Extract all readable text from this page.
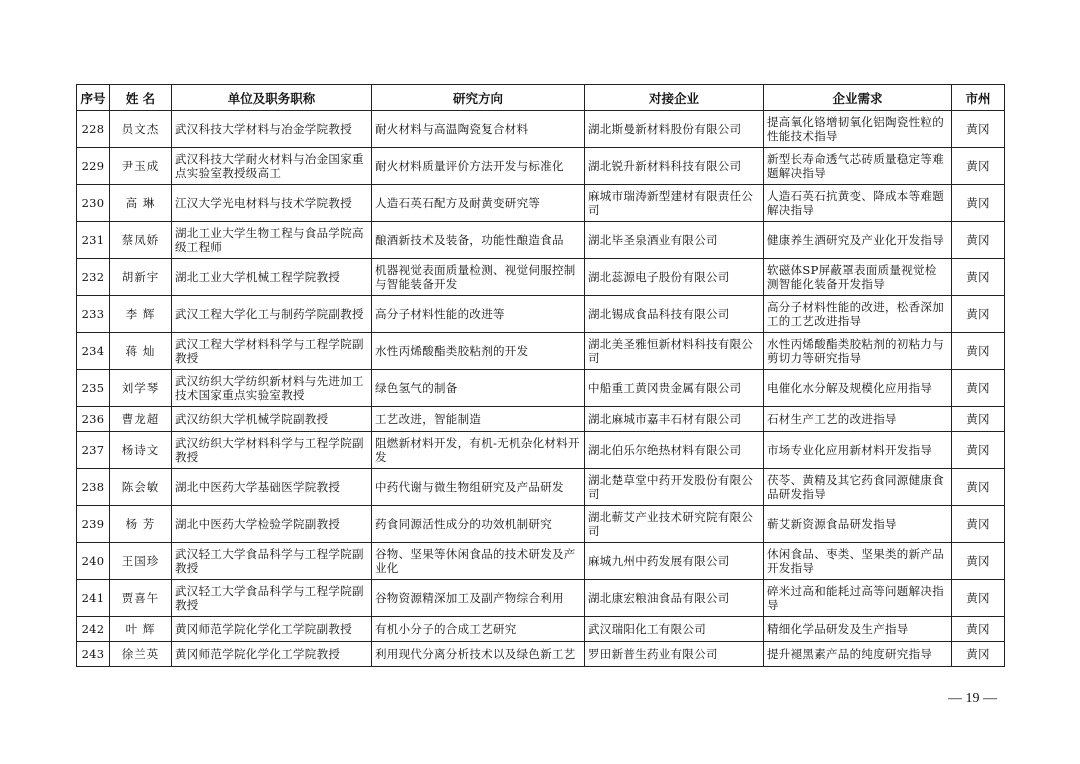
序号	姓 名	单位及职务职称	研究方向	对接企业	企业需求	市州
228	员文杰	武汉科技大学材料与冶金学院教授	耐火材料与高温陶瓷复合材料	湖北斯曼新材料股份有限公司	提高氧化铬增韧氧化铝陶瓷性粒的性能技术指导	黄冈
229	尹玉成	武汉科技大学耐火材料与冶金国家重点实验室教授级高工	耐火材料质量评价方法开发与标准化	湖北锐升新材料科技有限公司	新型长寿命透气芯砖质量稳定等难题解决指导	黄冈
230	高 琳	江汉大学光电材料与技术学院教授	人造石英石配方及耐黄变研究等	麻城市瑞涛新型建材有限责任公司	人造石英石抗黄变、降成本等难题解决指导	黄冈
231	蔡凤娇	湖北工业大学生物工程与食品学院高级工程师	酿酒新技术及装备，功能性酿造食品	湖北毕圣泉酒业有限公司	健康养生酒研究及产业化开发指导	黄冈
232	胡新宇	湖北工业大学机械工程学院教授	机器视觉表面质量检测、视觉伺服控制与智能装备开发	湖北蕊源电子股份有限公司	软磁体SP屏蔽罩表面质量视觉检测智能化装备开发指导	黄冈
233	李 辉	武汉工程大学化工与制药学院副教授	高分子材料性能的改进等	湖北锡成食品科技有限公司	高分子材料性能的改进，松香深加工的工艺改进指导	黄冈
234	蒋 灿	武汉工程大学材料科学与工程学院副教授	水性丙烯酸酯类胶粘剂的开发	湖北美圣雅恒新材料科技有限公司	水性丙烯酸酯类胶粘剂的初粘力与剪切力等研究指导	黄冈
235	刘学琴	武汉纺织大学纺织新材料与先进加工技术国家重点实验室教授	绿色氢气的制备	中船重工黄冈贵金属有限公司	电催化水分解及规模化应用指导	黄冈
236	曹龙超	武汉纺织大学机械学院副教授	工艺改进，智能制造	湖北麻城市嘉丰石材有限公司	石材生产工艺的改进指导	黄冈
237	杨诗文	武汉纺织大学材料科学与工程学院副教授	阻燃新材料开发，有机-无机杂化材料开发	湖北伯乐尔绝热材料有限公司	市场专业化应用新材料开发指导	黄冈
238	陈会敏	湖北中医药大学基础医学院教授	中药代谢与微生物组研究及产品研发	湖北楚草堂中药开发股份有限公司	茯苓、黄精及其它药食同源健康食品研发指导	黄冈
239	杨 芳	湖北中医药大学检验学院副教授	药食同源活性成分的功效机制研究	湖北蕲艾产业技术研究院有限公司	蕲艾新资源食品研发指导	黄冈
240	王国珍	武汉轻工大学食品科学与工程学院副教授	谷物、坚果等休闲食品的技术研发及产业化	麻城九州中药发展有限公司	休闲食品、枣类、坚果类的新产品开发指导	黄冈
241	贾喜午	武汉轻工大学食品科学与工程学院副教授	谷物资源精深加工及副产物综合利用	湖北康宏粮油食品有限公司	碎米过高和能耗过高等问题解决指导	黄冈
242	叶 辉	黄冈师范学院化学化工学院副教授	有机小分子的合成工艺研究	武汉瑞阳化工有限公司	精细化学品研发及生产指导	黄冈
243	徐兰英	黄冈师范学院化学化工学院教授	利用现代分离分析技术以及绿色新工艺	罗田新普生药业有限公司	提升褪黑素产品的纯度研究指导	黄冈
— 19 —
